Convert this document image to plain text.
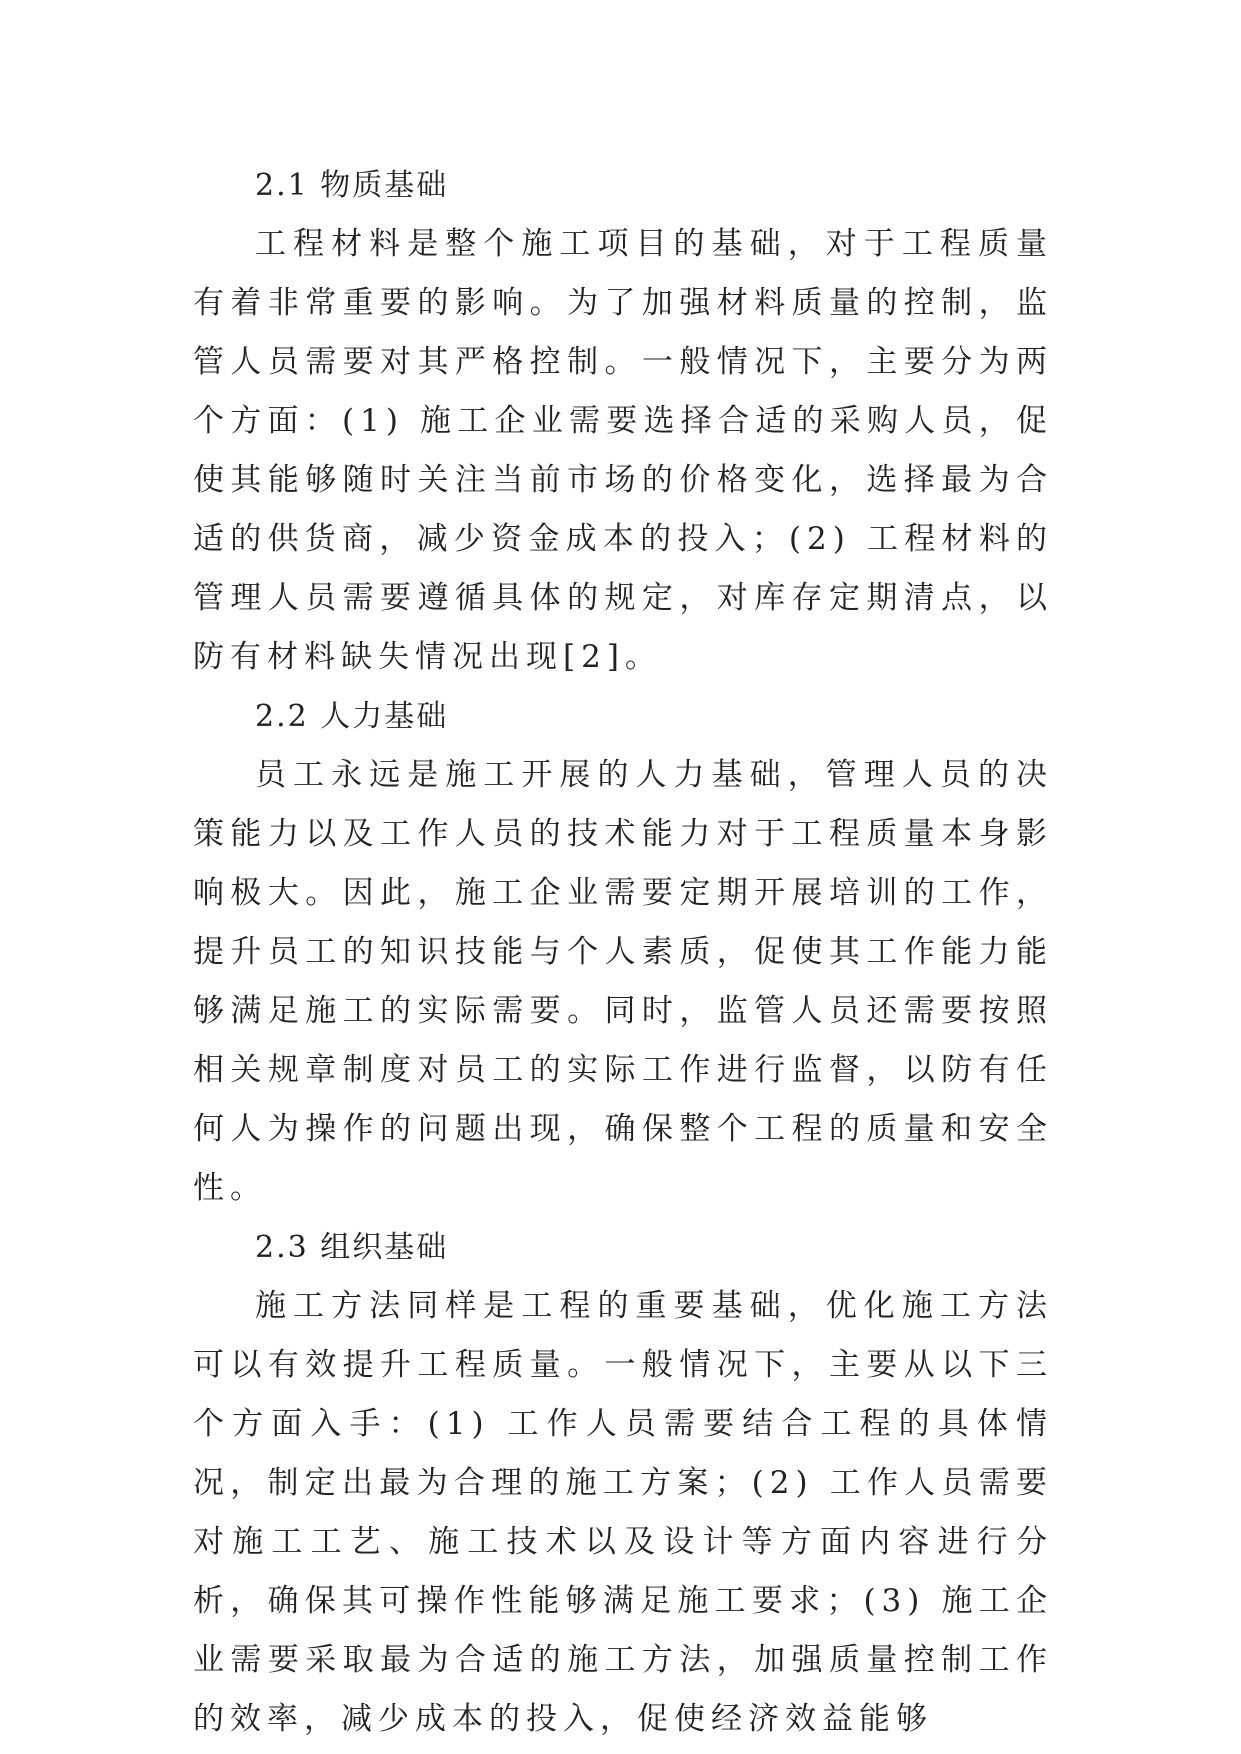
2.1 物质基础

工程材料是整个施工项目的基础，对于工程质量有着非常重要的影响。为了加强材料质量的控制，监管人员需要对其严格控制。一般情况下，主要分为两个方面：(1) 施工企业需要选择合适的采购人员，促使其能够随时关注当前市场的价格变化，选择最为合适的供货商，减少资金成本的投入；(2) 工程材料的管理人员需要遵循具体的规定，对库存定期清点，以防有材料缺失情况出现[2]。

2.2 人力基础

员工永远是施工开展的人力基础，管理人员的决策能力以及工作人员的技术能力对于工程质量本身影响极大。因此，施工企业需要定期开展培训的工作，提升员工的知识技能与个人素质，促使其工作能力能够满足施工的实际需要。同时，监管人员还需要按照相关规章制度对员工的实际工作进行监督，以防有任何人为操作的问题出现，确保整个工程的质量和安全性。

2.3 组织基础

施工方法同样是工程的重要基础，优化施工方法可以有效提升工程质量。一般情况下，主要从以下三个方面入手：(1) 工作人员需要结合工程的具体情况，制定出最为合理的施工方案；(2) 工作人员需要对施工工艺、施工技术以及设计等方面内容进行分析，确保其可操作性能够满足施工要求；(3) 施工企业需要采取最为合适的施工方法，加强质量控制工作的效率，减少成本的投入，促使经济效益能够
